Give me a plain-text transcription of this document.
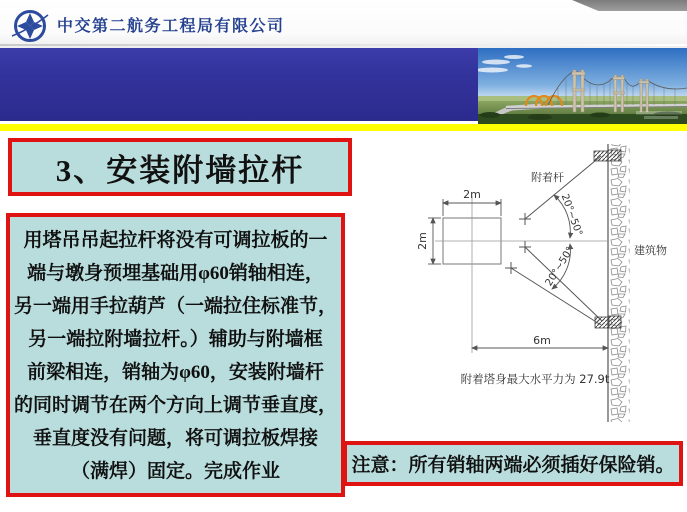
中交第二航务工程局有限公司
3、安装附墙拉杆
用塔吊吊起拉杆将没有可调拉板的一
端与墩身预埋基础用φ60销轴相连，
另一端用手拉葫芦（一端拉住标准节，
另一端拉附墙拉杆。）辅助与附墙框
前梁相连，销轴为φ60，安装附墙杆
的同时调节在两个方向上调节垂直度，
垂直度没有问题，将可调拉板焊接
（满焊）固定。完成作业	注意：所有销轴两端必须插好保险销。
2m
2m
20°~50°
20°~50°
6m
附着杆
建筑物
附着塔身最大水平力为 27.9t
